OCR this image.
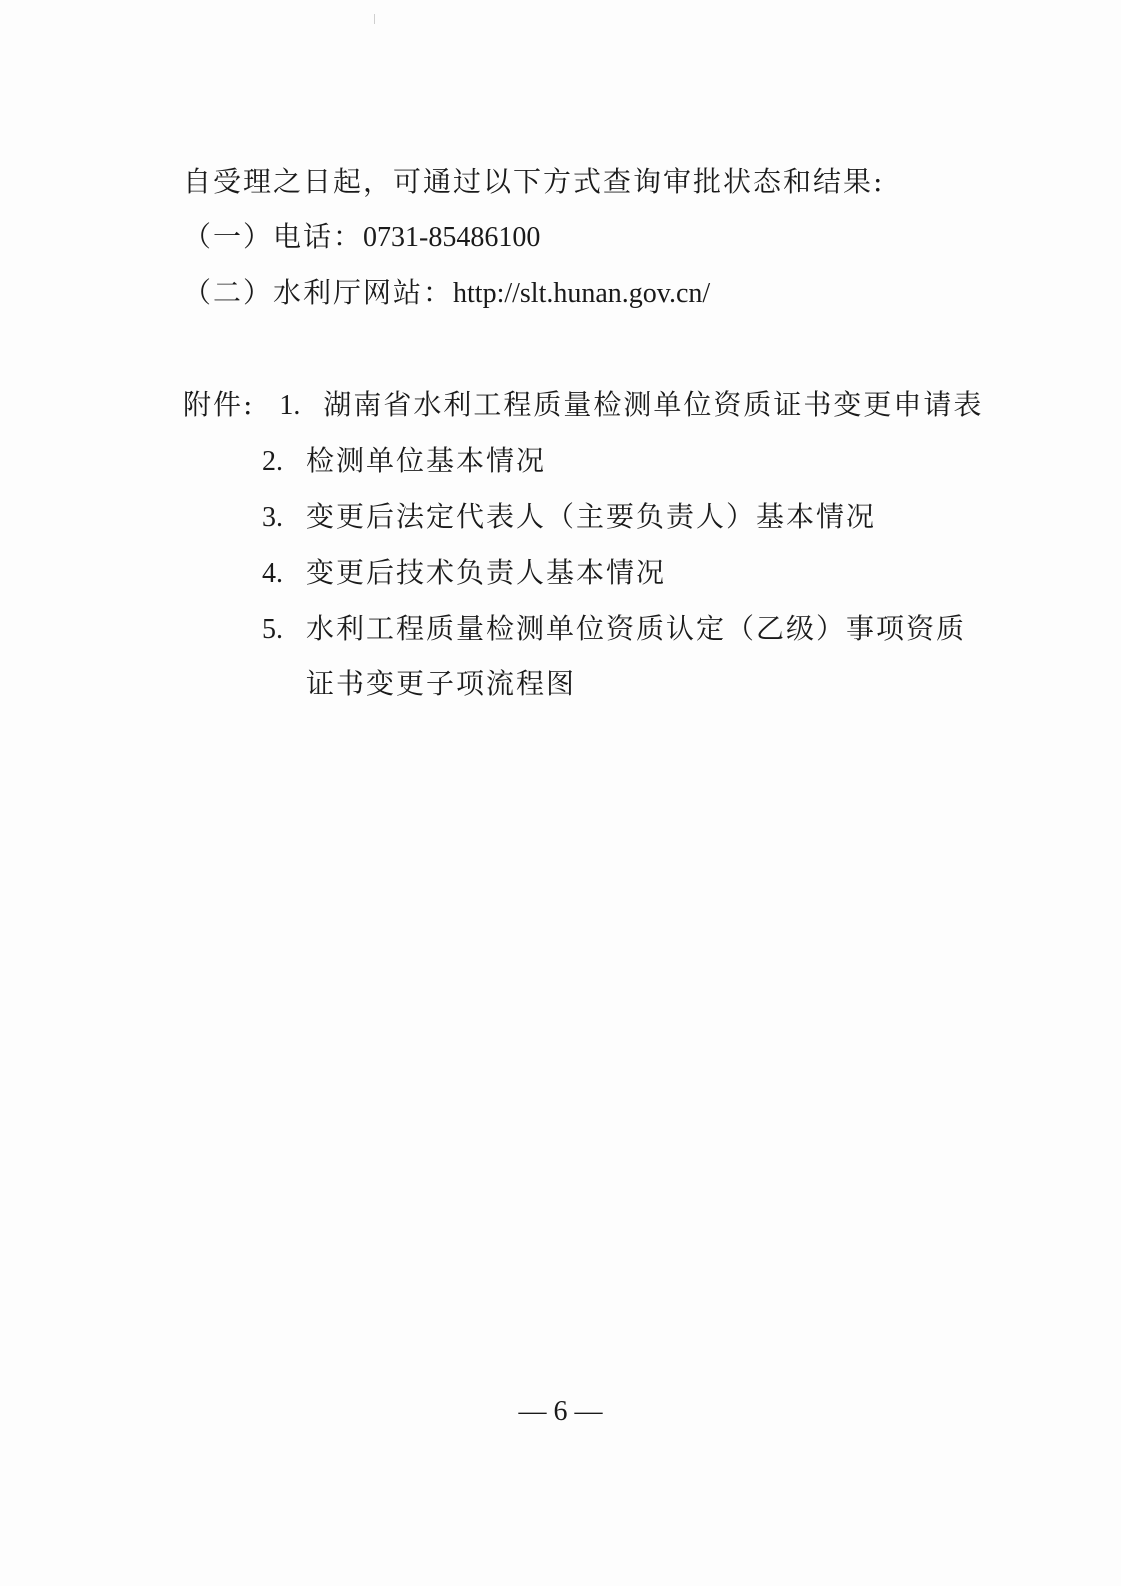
自受理之日起，可通过以下方式查询审批状态和结果:
（一）电话：0731-85486100
（二）水利厅网站：http://slt.hunan.gov.cn/
附件: 1. 湖南省水利工程质量检测单位资质证书变更申请表
2. 检测单位基本情况
3. 变更后法定代表人（主要负责人）基本情况
4. 变更后技术负责人基本情况
5. 水利工程质量检测单位资质认定（乙级）事项资质
证书变更子项流程图
— 6 —
